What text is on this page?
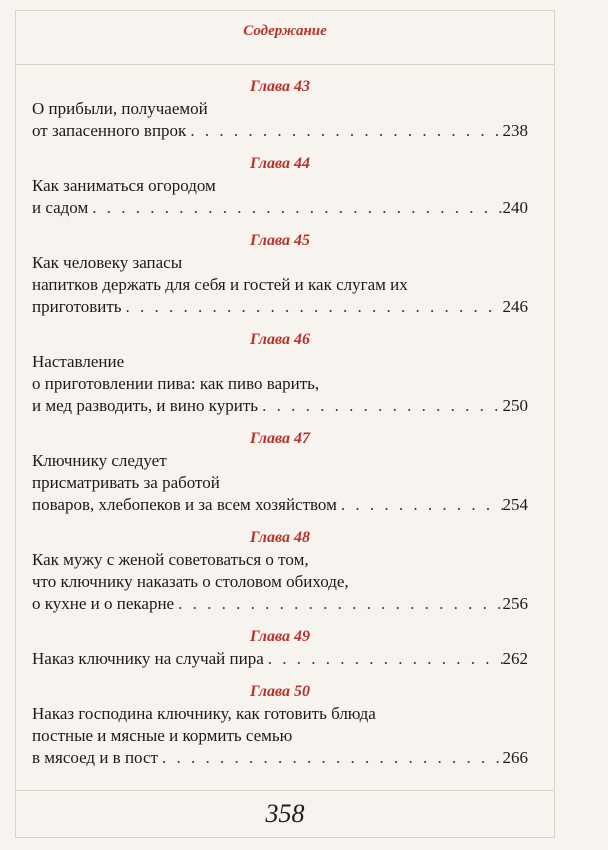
Содержание
Глава 43
О прибыли, получаемой
от запасенного впрок . . .	238
Глава 44
Как заниматься огородом
и садом . . .	240
Глава 45
Как человеку запасы
напитков держать для себя и гостей и как слугам их
приготовить . . .	246
Глава 46
Наставление
о приготовлении пива: как пиво варить,
и мед разводить, и вино курить . . .	250
Глава 47
Ключнику следует
присматривать за работой
поваров, хлебопеков и за всем хозяйством . . .	254
Глава 48
Как мужу с женой советоваться о том,
что ключнику наказать о столовом обиходе,
о кухне и о пекарне . . .	256
Глава 49
Наказ ключнику на случай пира . . .	262
Глава 50
Наказ господина ключнику, как готовить блюда
постные и мясные и кормить семью
в мясоед и в пост . . .	266
358
